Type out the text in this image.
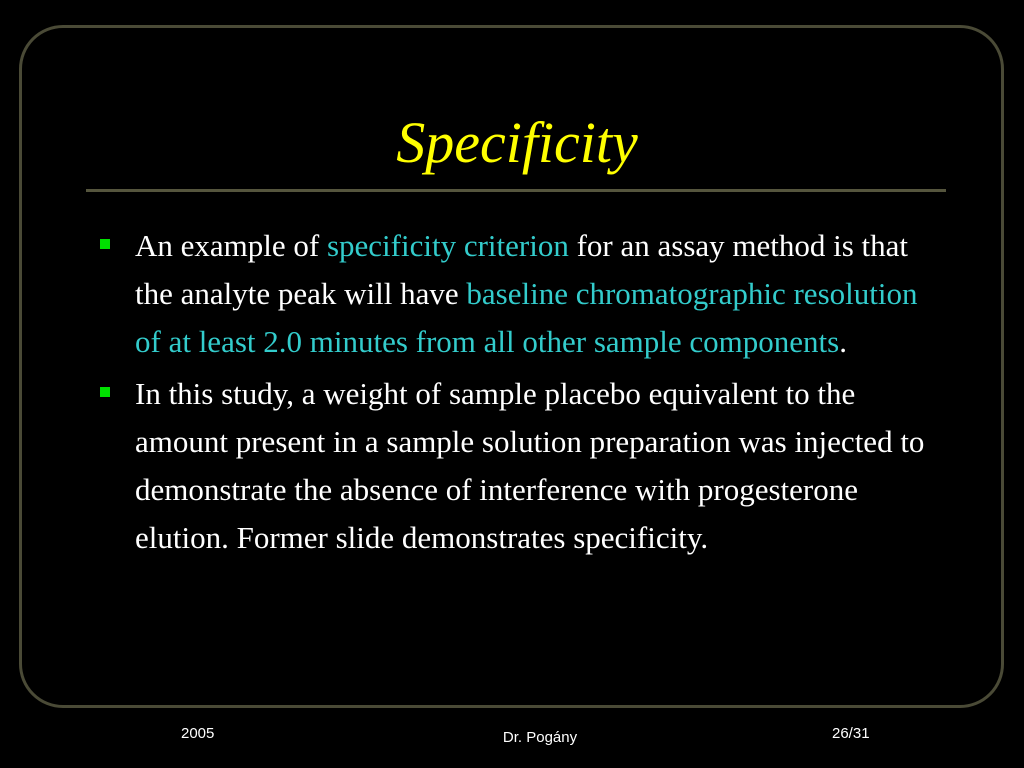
Specificity
An example of specificity criterion for an assay method is that the analyte peak will have baseline chromatographic resolution of at least 2.0 minutes from all other sample components.
In this study, a weight of sample placebo equivalent to the amount present in a sample solution preparation was injected to demonstrate the absence of interference with progesterone elution. Former slide demonstrates specificity.
2005	Dr. Pogány	26/31
